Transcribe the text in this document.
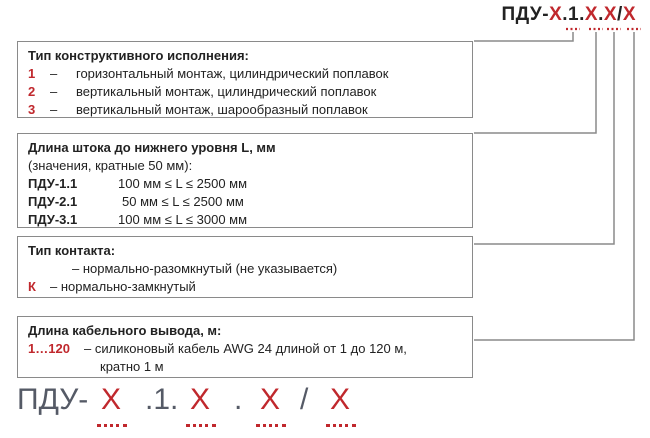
ПДУ-X.1.X.X/X
Тип конструктивного исполнения:
1	–	горизонтальный монтаж, цилиндрический поплавок
2	–	вертикальный монтаж, цилиндрический поплавок
3	–	вертикальный монтаж, шарообразный поплавок
Длина штока до нижнего уровня L, мм
(значения, кратные 50 мм):
ПДУ-1.1	100 мм ≤ L ≤ 2500 мм
ПДУ-2.1	50 мм ≤ L ≤ 2500 мм
ПДУ-3.1	100 мм ≤ L ≤ 3000 мм
Тип контакта:
– нормально-разомкнутый (не указывается)
К	– нормально-замкнутый
Длина кабельного вывода, м:
1…120	– силиконовый кабель AWG 24 длиной от 1 до 120 м,
кратно 1 м
ПДУ- X .1. X . X / X
